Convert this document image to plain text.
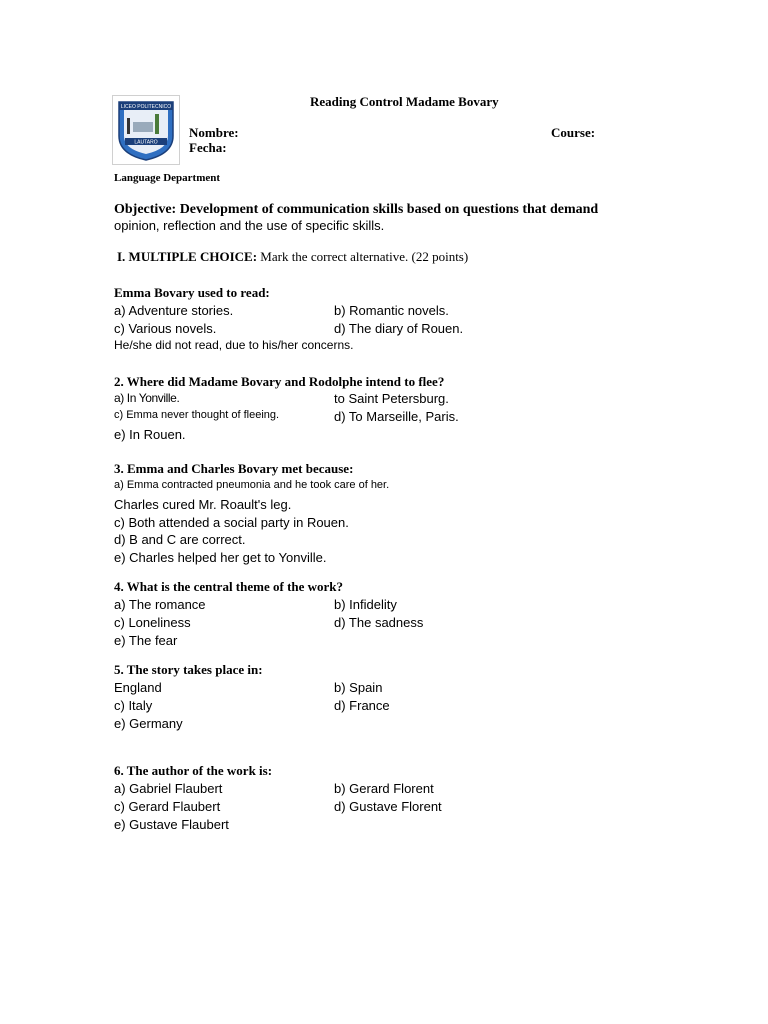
LICEO POLITECNICO
LAUTARO
Reading Control Madame Bovary
Nombre:
Fecha:
Course:
Language Department
Objective: Development of communication skills based on questions that demand
opinion, reflection and the use of specific skills.
I. MULTIPLE CHOICE: Mark the correct alternative. (22 points)
Emma Bovary used to read:
a) Adventure stories.	b) Romantic novels.
c) Various novels.	d) The diary of Rouen.
He/she did not read, due to his/her concerns.
2. Where did Madame Bovary and Rodolphe intend to flee?
a) In Yonville.	to Saint Petersburg.
c) Emma never thought of fleeing.	d) To Marseille, Paris.
e) In Rouen.
3. Emma and Charles Bovary met because:
a) Emma contracted pneumonia and he took care of her.
Charles cured Mr. Roault's leg.
c) Both attended a social party in Rouen.
d) B and C are correct.
e) Charles helped her get to Yonville.
4. What is the central theme of the work?
a) The romance	b) Infidelity
c) Loneliness	d) The sadness
e) The fear
5. The story takes place in:
England	b) Spain
c) Italy	d) France
e) Germany
6. The author of the work is:
a) Gabriel Flaubert	b) Gerard Florent
c) Gerard Flaubert	d) Gustave Florent
e) Gustave Flaubert
